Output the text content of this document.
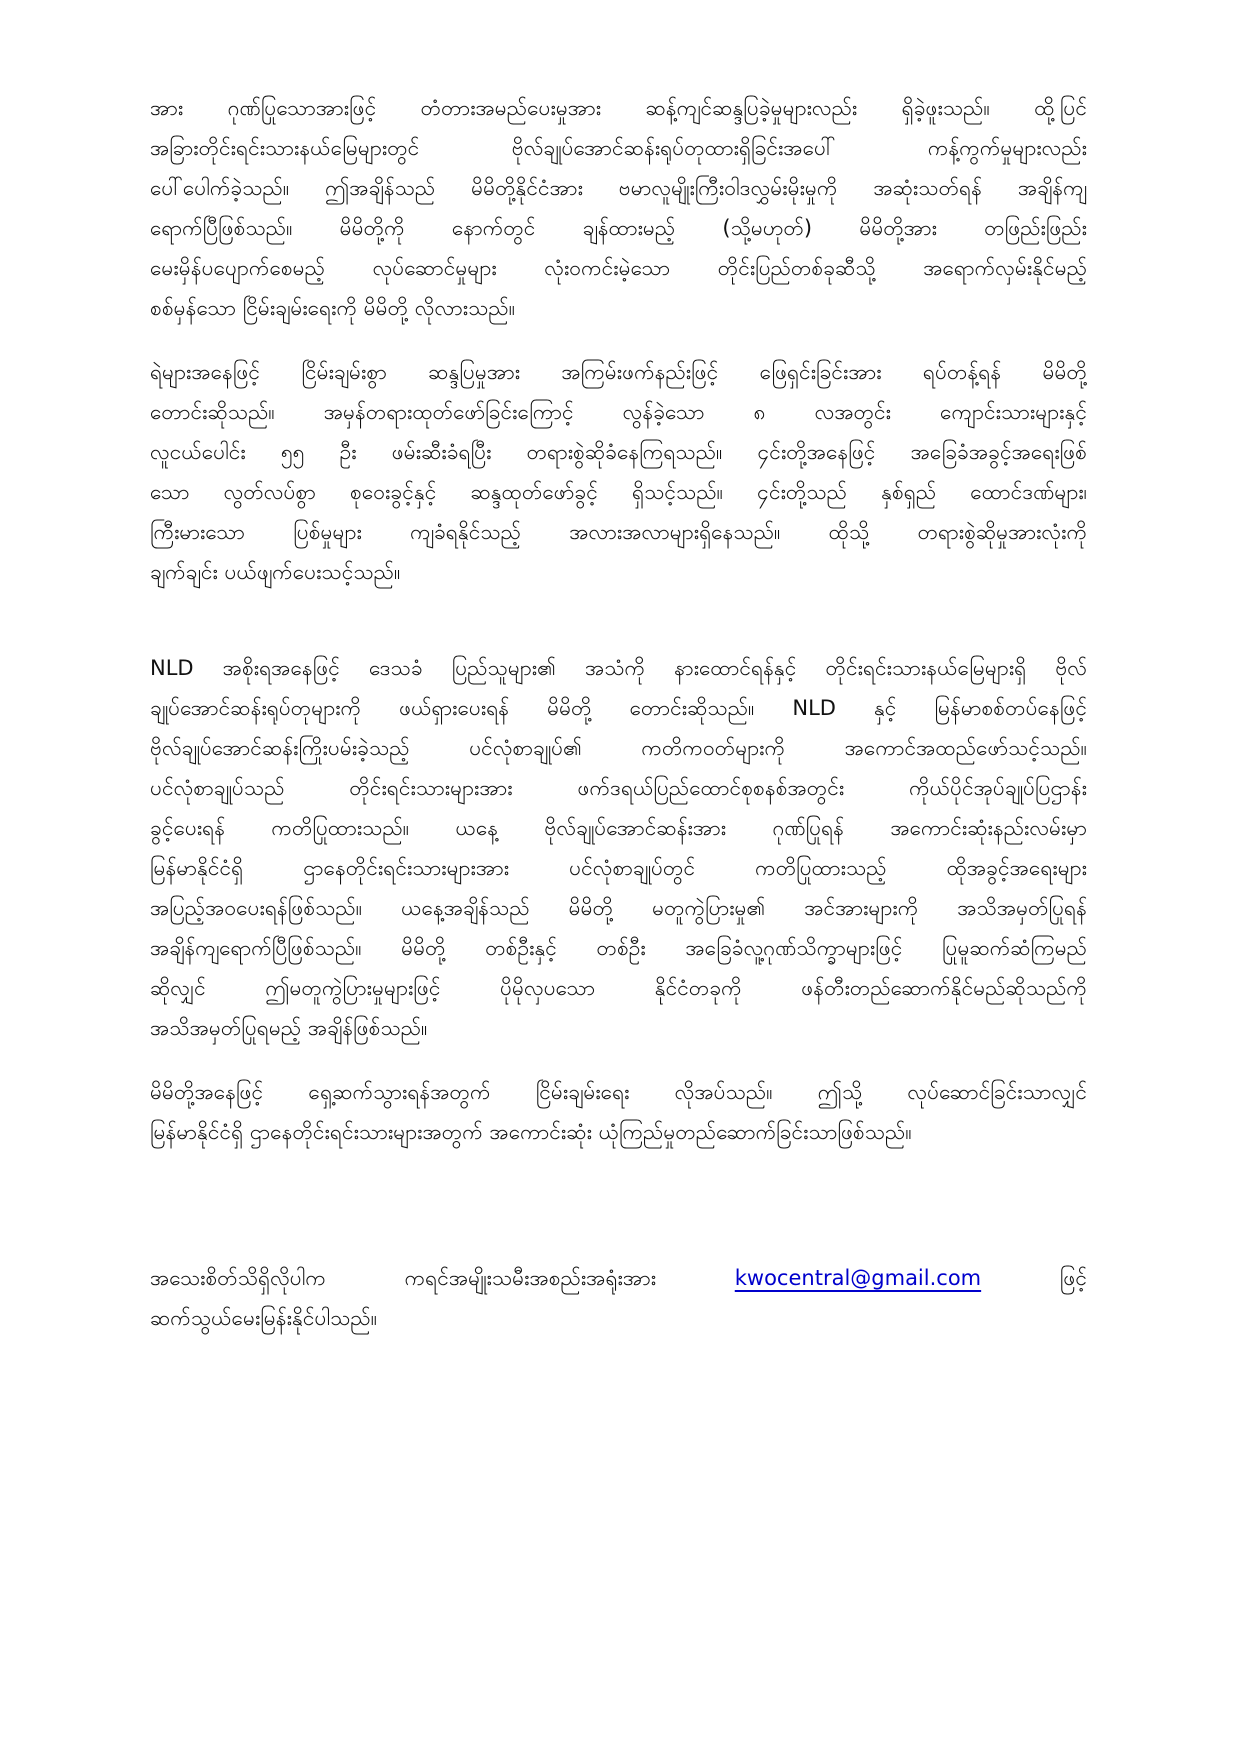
အား ဂုဏ်ပြုသောအားဖြင့် တံတားအမည်ပေးမှုအား ဆန့်ကျင်ဆန္ဒပြခဲ့မှုများလည်း ရှိခဲ့ဖူးသည်။ ထို့ပြင်
အခြားတိုင်းရင်းသားနယ်မြေများတွင် ဗိုလ်ချုပ်အောင်ဆန်းရုပ်တုထားရှိခြင်းအပေါ် ကန့်ကွက်မှုများလည်း
ပေါ်ပေါက်ခဲ့သည်။ ဤအချိန်သည် မိမိတို့နိုင်ငံအား ဗမာလူမျိုးကြီးဝါဒလွှမ်းမိုးမှုကို အဆုံးသတ်ရန် အချိန်ကျ
ရောက်ပြီဖြစ်သည်။ မိမိတို့ကို နောက်တွင် ချန်ထားမည့် (သို့မဟုတ်) မိမိတို့အား တဖြည်းဖြည်း
မေးမှိန်ပပျောက်စေမည့် လုပ်ဆောင်မှုများ လုံးဝကင်းမဲ့သော တိုင်းပြည်တစ်ခုဆီသို့ အရောက်လှမ်းနိုင်မည့်
စစ်မှန်သော ငြိမ်းချမ်းရေးကို မိမိတို့ လိုလားသည်။
ရဲများအနေဖြင့် ငြိမ်းချမ်းစွာ ဆန္ဒပြမှုအား အကြမ်းဖက်နည်းဖြင့် ဖြေရှင်းခြင်းအား ရပ်တန့်ရန် မိမိတို့
တောင်းဆိုသည်။ အမှန်တရားထုတ်ဖော်ခြင်းကြောင့် လွန်ခဲ့သော ၈ လအတွင်း ကျောင်းသားများနှင့်
လူငယ်ပေါင်း ၅၅ ဦး ဖမ်းဆီးခံရပြီး တရားစွဲဆိုခံနေကြရသည်။ ၄င်းတို့အနေဖြင့် အခြေခံအခွင့်အရေးဖြစ်
သော လွတ်လပ်စွာ စုဝေးခွင့်နှင့် ဆန္ဒထုတ်ဖော်ခွင့် ရှိသင့်သည်။ ၄င်းတို့သည် နှစ်ရှည် ထောင်ဒဏ်များ၊
ကြီးမားသော ပြစ်မှုများ ကျခံရနိုင်သည့် အလားအလာများရှိနေသည်။ ထိုသို့ တရားစွဲဆိုမှုအားလုံးကို
ချက်ချင်း ပယ်ဖျက်ပေးသင့်သည်။
NLD အစိုးရအနေဖြင့် ဒေသခံ ပြည်သူများ၏ အသံကို နားထောင်ရန်နှင့် တိုင်းရင်းသားနယ်မြေများရှိ ဗိုလ်
ချုပ်အောင်ဆန်းရုပ်တုများကို ဖယ်ရှားပေးရန် မိမိတို့ တောင်းဆိုသည်။ NLD နှင့် မြန်မာစစ်တပ်နေဖြင့်
ဗိုလ်ချုပ်အောင်ဆန်းကြိုးပမ်းခဲ့သည့် ပင်လုံစာချုပ်၏ ကတိကဝတ်များကို အကောင်အထည်ဖော်သင့်သည်။
ပင်လုံစာချုပ်သည် တိုင်းရင်းသားများအား ဖက်ဒရယ်ပြည်ထောင်စုစနစ်အတွင်း ကိုယ်ပိုင်အုပ်ချုပ်ပြဌာန်း
ခွင့်ပေးရန် ကတိပြုထားသည်။ ယနေ့ ဗိုလ်ချုပ်အောင်ဆန်းအား ဂုဏ်ပြုရန် အကောင်းဆုံးနည်းလမ်းမှာ
မြန်မာနိုင်ငံရှိ ဌာနေတိုင်းရင်းသားများအား ပင်လုံစာချုပ်တွင် ကတိပြုထားသည့် ထိုအခွင့်အရေးများ
အပြည့်အဝပေးရန်ဖြစ်သည်။ ယနေ့အချိန်သည် မိမိတို့ မတူကွဲပြားမှု၏ အင်အားများကို အသိအမှတ်ပြုရန်
အချိန်ကျရောက်ပြီဖြစ်သည်။ မိမိတို့ တစ်ဦးနှင့် တစ်ဦး အခြေခံလူ့ဂုဏ်သိက္ခာများဖြင့် ပြုမူဆက်ဆံကြမည်
ဆိုလျှင် ဤမတူကွဲပြားမှုများဖြင့် ပိုမိုလှပသော နိုင်ငံတခုကို ဖန်တီးတည်ဆောက်နိုင်မည်ဆိုသည်ကို
အသိအမှတ်ပြုရမည့် အချိန်ဖြစ်သည်။
မိမိတို့အနေဖြင့် ရှေ့ဆက်သွားရန်အတွက် ငြိမ်းချမ်းရေး လိုအပ်သည်။ ဤသို့ လုပ်ဆောင်ခြင်းသာလျှင်
မြန်မာနိုင်ငံရှိ ဌာနေတိုင်းရင်းသားများအတွက် အကောင်းဆုံး ယုံကြည်မှုတည်ဆောက်ခြင်းသာဖြစ်သည်။
အသေးစိတ်သိရှိလိုပါက	ကရင်အမျိုးသမီးအစည်းအရုံးအား	kwocentral@gmail.com	ဖြင့်
ဆက်သွယ်မေးမြန်းနိုင်ပါသည်။
